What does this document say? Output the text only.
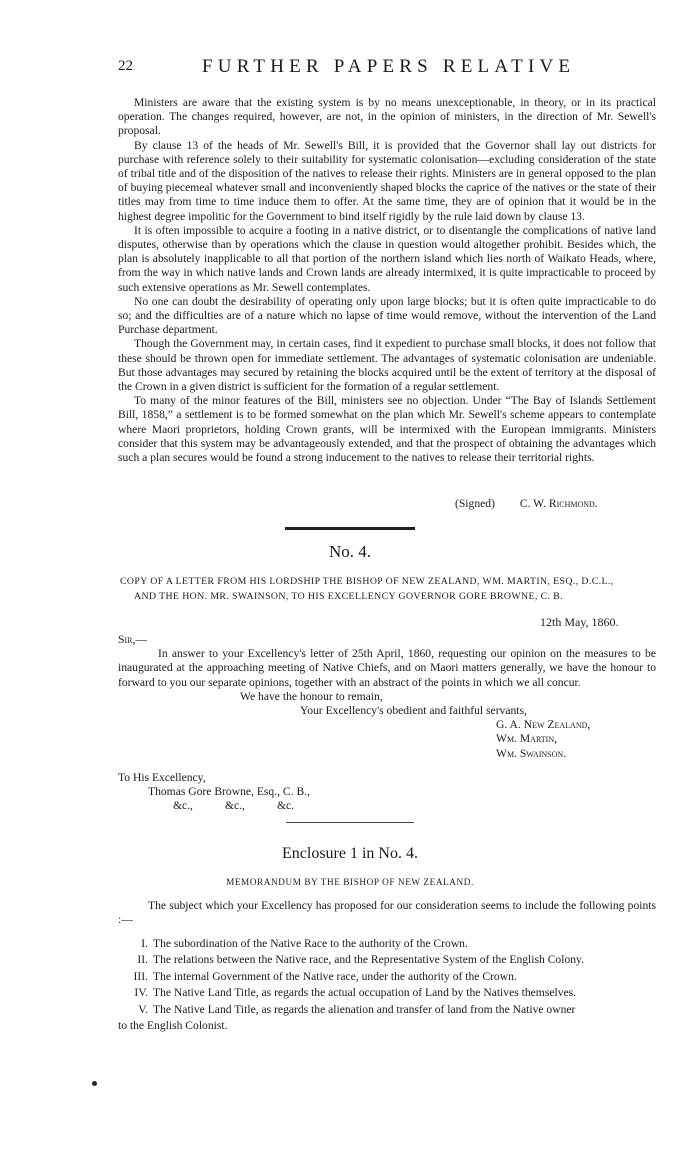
22	FURTHER PAPERS RELATIVE

Ministers are aware that the existing system is by no means unexceptionable, in theory, or in its practical operation. The changes required, however, are not, in the opinion of ministers, in the direction of Mr. Sewell's proposal.

By clause 13 of the heads of Mr. Sewell's Bill, it is provided that the Governor shall lay out districts for purchase with reference solely to their suitability for systematic colonisation—excluding consideration of the state of tribal title and of the disposition of the natives to release their rights. Ministers are in general opposed to the plan of buying piecemeal whatever small and inconveniently shaped blocks the caprice of the natives or the state of their titles may from time to time induce them to offer. At the same time, they are of opinion that it would be in the highest degree impolitic for the Government to bind itself rigidly by the rule laid down by clause 13.

It is often impossible to acquire a footing in a native district, or to disentangle the complications of native land disputes, otherwise than by operations which the clause in question would altogether prohibit. Besides which, the plan is absolutely inapplicable to all that portion of the northern island which lies north of Waikato Heads, where, from the way in which native lands and Crown lands are already intermixed, it is quite impracticable to proceed by such extensive operations as Mr. Sewell contemplates.

No one can doubt the desirability of operating only upon large blocks; but it is often quite impracticable to do so; and the difficulties are of a nature which no lapse of time would remove, without the intervention of the Land Purchase department.

Though the Government may, in certain cases, find it expedient to purchase small blocks, it does not follow that these should be thrown open for immediate settlement. The advantages of systematic colonisation are undeniable. But those advantages may secured by retaining the blocks acquired until be the extent of territory at the disposal of the Crown in a given district is sufficient for the formation of a regular settlement.

To many of the minor features of the Bill, ministers see no objection. Under “The Bay of Islands Settlement Bill, 1858,” a settlement is to be formed somewhat on the plan which Mr. Sewell's scheme appears to contemplate where Maori proprietors, holding Crown grants, will be intermixed with the European immigrants. Ministers consider that this system may be advantageously extended, and that the prospect of obtaining the advantages which such a plan secures would be found a strong inducement to the natives to release their territorial rights.

(Signed) C. W. Richmond.
No. 4.
COPY OF A LETTER FROM HIS LORDSHIP THE BISHOP OF NEW ZEALAND, WM. MARTIN, ESQ., D.C.L.,
AND THE HON. MR. SWAINSON, TO HIS EXCELLENCY GOVERNOR GORE BROWNE, C. B.
12th May, 1860.

Sir,—

In answer to your Excellency's letter of 25th April, 1860, requesting our opinion on the measures to be inaugurated at the approaching meeting of Native Chiefs, and on Maori matters generally, we have the honour to forward to you our separate opinions, together with an abstract of the points in which we all concur.

We have the honour to remain,

Your Excellency's obedient and faithful servants,

G. A. New Zealand,

Wm. Martin,

Wm. Swainson.

To His Excellency,
Thomas Gore Browne, Esq., C. B.,
&c.,	&c.,	&c.
Enclosure 1 in No. 4.
MEMORANDUM BY THE BISHOP OF NEW ZEALAND.

The subject which your Excellency has proposed for our consideration seems to include the following points :—

I. The subordination of the Native Race to the authority of the Crown.
II. The relations between the Native race, and the Representative System of the English Colony.
III. The internal Government of the Native race, under the authority of the Crown.
IV. The Native Land Title, as regards the actual occupation of Land by the Natives themselves.
V. The Native Land Title, as regards the alienation and transfer of land from the Native owner
to the English Colonist.
